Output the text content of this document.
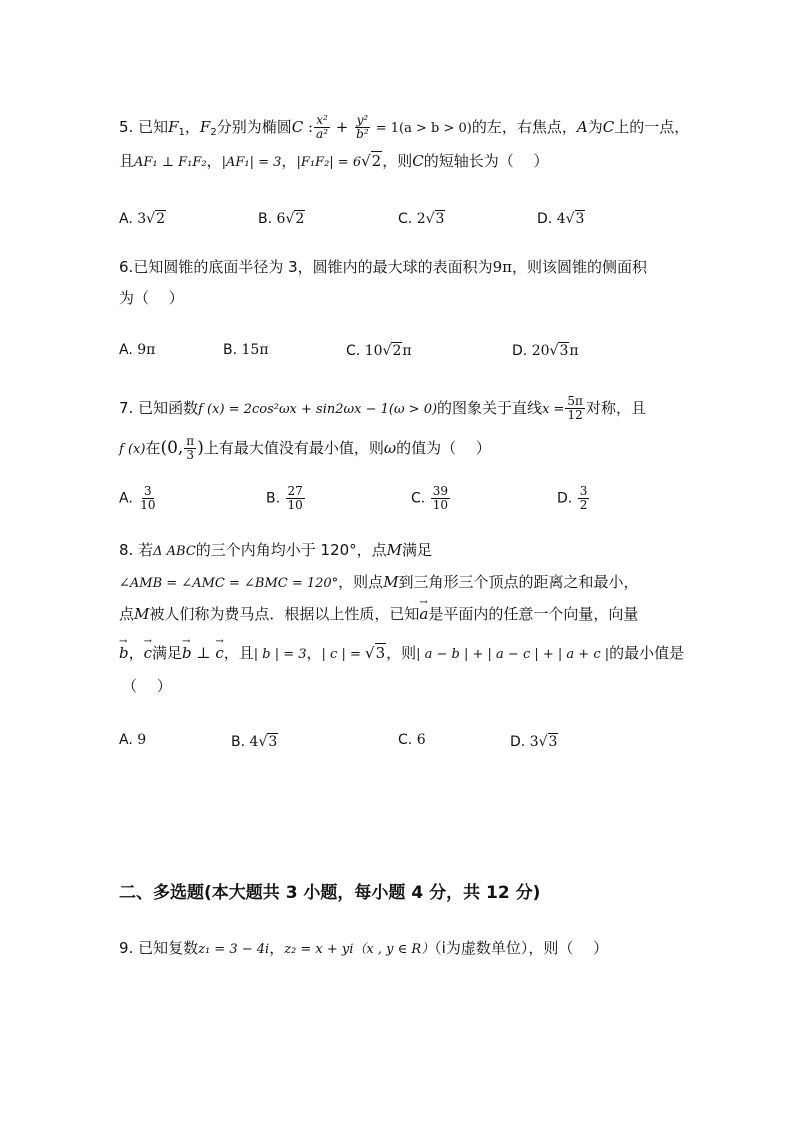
5. 已知$F_1$，$F_2$分别为椭圆C : $\frac{\text{x²}}{\text{a²}} + \frac{\text{y²}}{\text{b²}} = 1(a > b > 0)$的左，右焦点，A为C上的一点，
且AF₁ ⊥ F₁F₂，|AF₁| = 3，|F₁F₂| = 6√2，则C的短轴长为（　 ）
A. 3√2	B. 6√2	C. 2√3	D. 4√3
6.已知圆锥的底面半径为 3，圆锥内的最大球的表面积为9π，则该圆锥的侧面积
为（　 ）
A. 9π	B. 15π	C. 10√2π	D. 20√3π
7. 已知函数f (x) = 2cos²ωx + sin2ωx − 1(ω > 0)的图象关于直线$x = \frac{5\pi}{12}$ 对称，且
f (x)在(0, $\frac{\pi}{3}$ )上有最大值没有最小值，则ω的值为（　 ）
A. $\frac{3}{10}$	B. $\frac{27}{10}$	C. $\frac{39}{10}$	D. $\frac{3}{2}$
8. 若Δ ABC的三个内角均小于 120°，点M满足
∠AMB = ∠AMC = ∠BMC = 120°，则点M到三角形三个顶点的距离之和最小，
点M被人们称为费马点．根据以上性质，已知→ a是平面内的任意一个向量，向量
→ b，→ c满足→ b ⊥ → c，且| b | = 3，| c | = √3，则| a − b | + | a − c | + | a + c |的最小值是
（　 ）
A. 9	B. 4√3	C. 6	D. 3√3
二、多选题(本大题共 3 小题，每小题 4 分，共 12 分)
9. 已知复数z₁ = 3 − 4i，z₂ = x + yi（x , y ∈ R）（i为虚数单位），则（　 ）
